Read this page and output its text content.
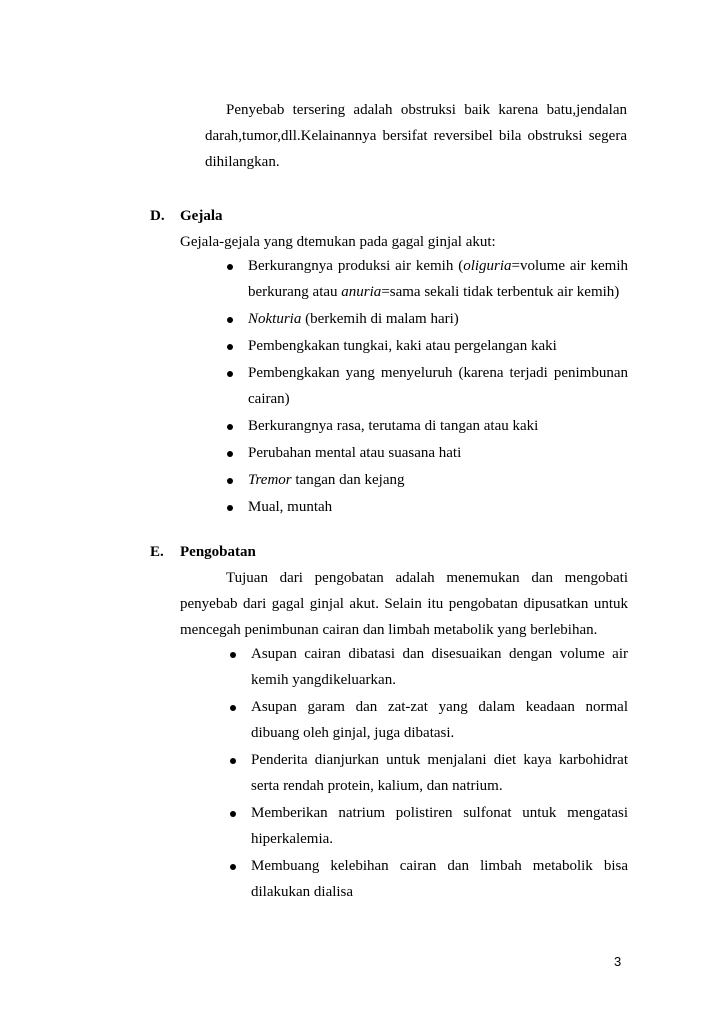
Penyebab tersering adalah obstruksi baik karena batu,jendalan darah,tumor,dll.Kelainannya bersifat reversibel bila obstruksi segera dihilangkan.
D. Gejala
Gejala-gejala yang dtemukan pada gagal ginjal akut:
Berkurangnya produksi air kemih (oliguria=volume air kemih berkurang atau anuria=sama sekali tidak terbentuk air kemih)
Nokturia (berkemih di malam hari)
Pembengkakan tungkai, kaki atau pergelangan kaki
Pembengkakan yang menyeluruh (karena terjadi penimbunan cairan)
Berkurangnya rasa, terutama di tangan atau kaki
Perubahan mental atau suasana hati
Tremor tangan dan kejang
Mual, muntah
E. Pengobatan
Tujuan dari pengobatan adalah menemukan dan mengobati penyebab dari gagal ginjal akut. Selain itu pengobatan dipusatkan untuk mencegah penimbunan cairan dan limbah metabolik yang berlebihan.
Asupan cairan dibatasi dan disesuaikan dengan volume air kemih yangdikeluarkan.
Asupan garam dan zat-zat yang dalam keadaan normal dibuang oleh ginjal, juga dibatasi.
Penderita dianjurkan untuk menjalani diet kaya karbohidrat serta rendah protein, kalium, dan natrium.
Memberikan natrium polistiren sulfonat untuk mengatasi hiperkalemia.
Membuang kelebihan cairan dan limbah metabolik bisa dilakukan dialisa
3
